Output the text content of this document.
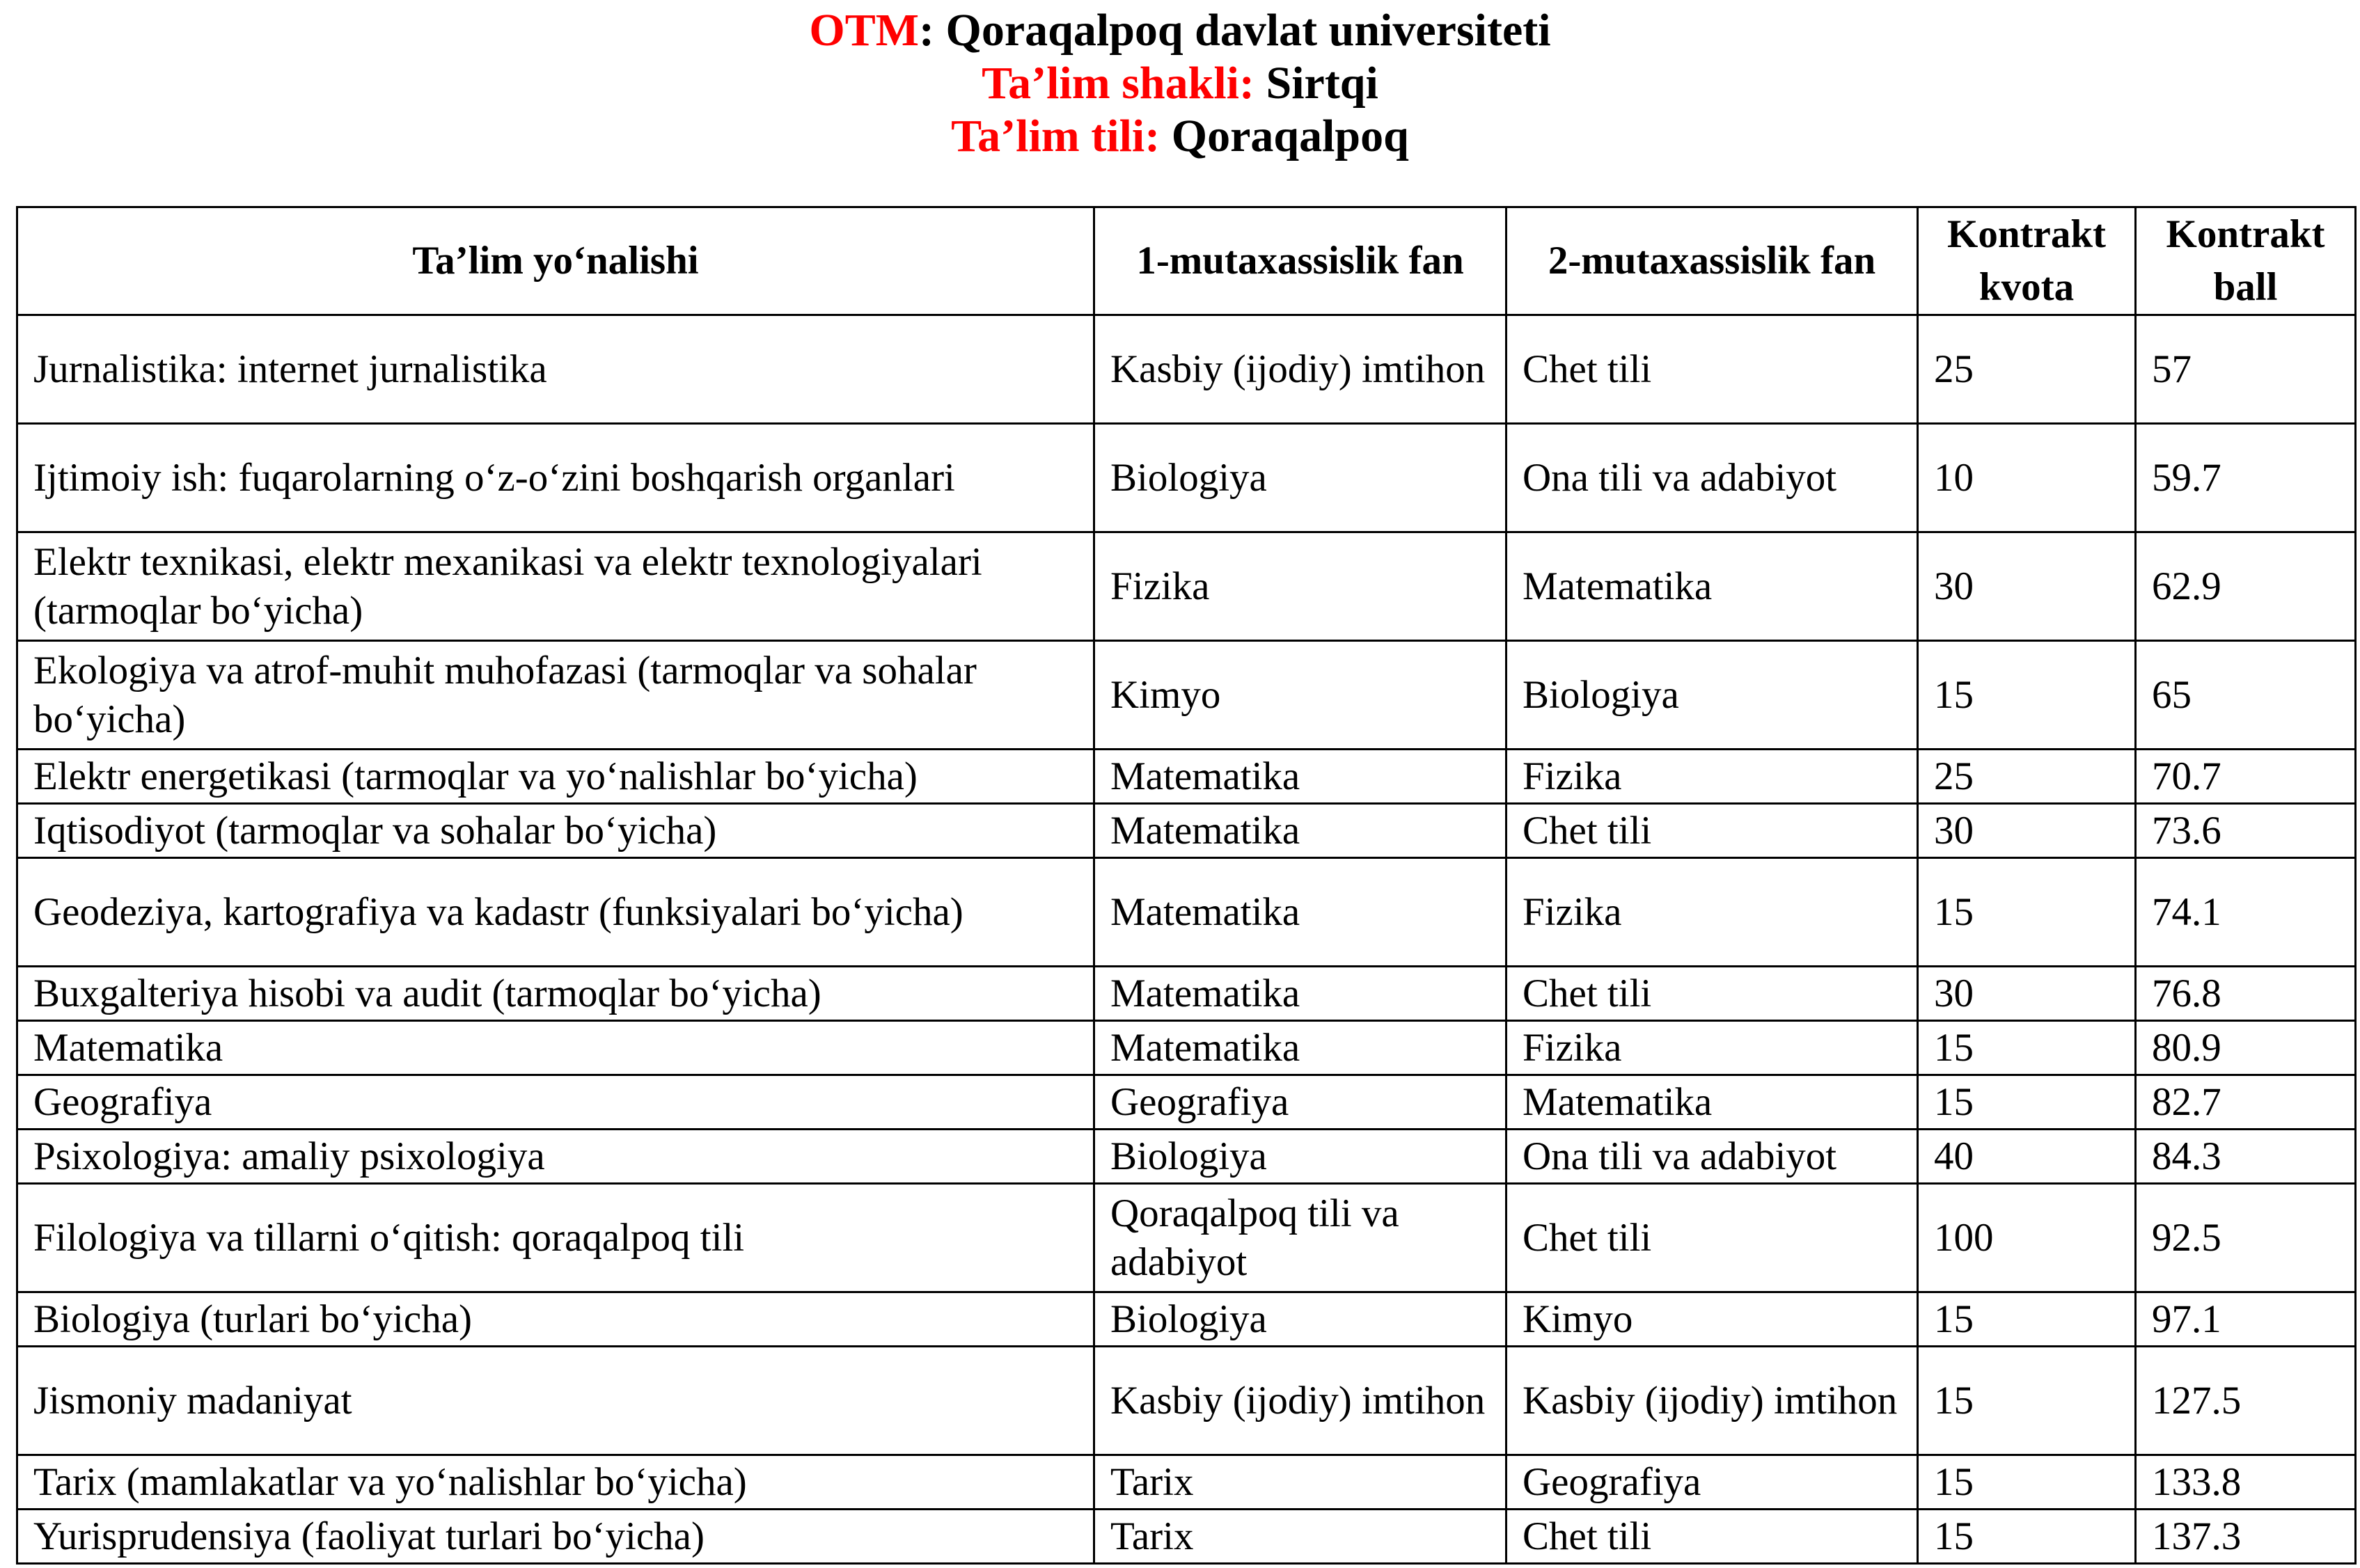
OTM: Qoraqalpoq davlat universiteti
Ta’lim shakli: Sirtqi
Ta’lim tili: Qoraqalpoq
Ta’lim yo‘nalishi	1-mutaxassislik fan	2-mutaxassislik fan	Kontrakt kvota	Kontrakt ball
Jurnalistika: internet jurnalistika	Kasbiy (ijodiy) imtihon	Chet tili	25	57
Ijtimoiy ish: fuqarolarning o‘z-o‘zini boshqarish organlari	Biologiya	Ona tili va adabiyot	10	59.7
Elektr texnikasi, elektr mexanikasi va elektr texnologiyalari (tarmoqlar bo‘yicha)	Fizika	Matematika	30	62.9
Ekologiya va atrof-muhit muhofazasi (tarmoqlar va sohalar bo‘yicha)	Kimyo	Biologiya	15	65
Elektr energetikasi (tarmoqlar va yo‘nalishlar bo‘yicha)	Matematika	Fizika	25	70.7
Iqtisodiyot (tarmoqlar va sohalar bo‘yicha)	Matematika	Chet tili	30	73.6
Geodeziya, kartografiya va kadastr (funksiyalari bo‘yicha)	Matematika	Fizika	15	74.1
Buxgalteriya hisobi va audit (tarmoqlar bo‘yicha)	Matematika	Chet tili	30	76.8
Matematika	Matematika	Fizika	15	80.9
Geografiya	Geografiya	Matematika	15	82.7
Psixologiya: amaliy psixologiya	Biologiya	Ona tili va adabiyot	40	84.3
Filologiya va tillarni o‘qitish: qoraqalpoq tili	Qoraqalpoq tili va adabiyot	Chet tili	100	92.5
Biologiya (turlari bo‘yicha)	Biologiya	Kimyo	15	97.1
Jismoniy madaniyat	Kasbiy (ijodiy) imtihon	Kasbiy (ijodiy) imtihon	15	127.5
Tarix (mamlakatlar va yo‘nalishlar bo‘yicha)	Tarix	Geografiya	15	133.8
Yurisprudensiya (faoliyat turlari bo‘yicha)	Tarix	Chet tili	15	137.3
